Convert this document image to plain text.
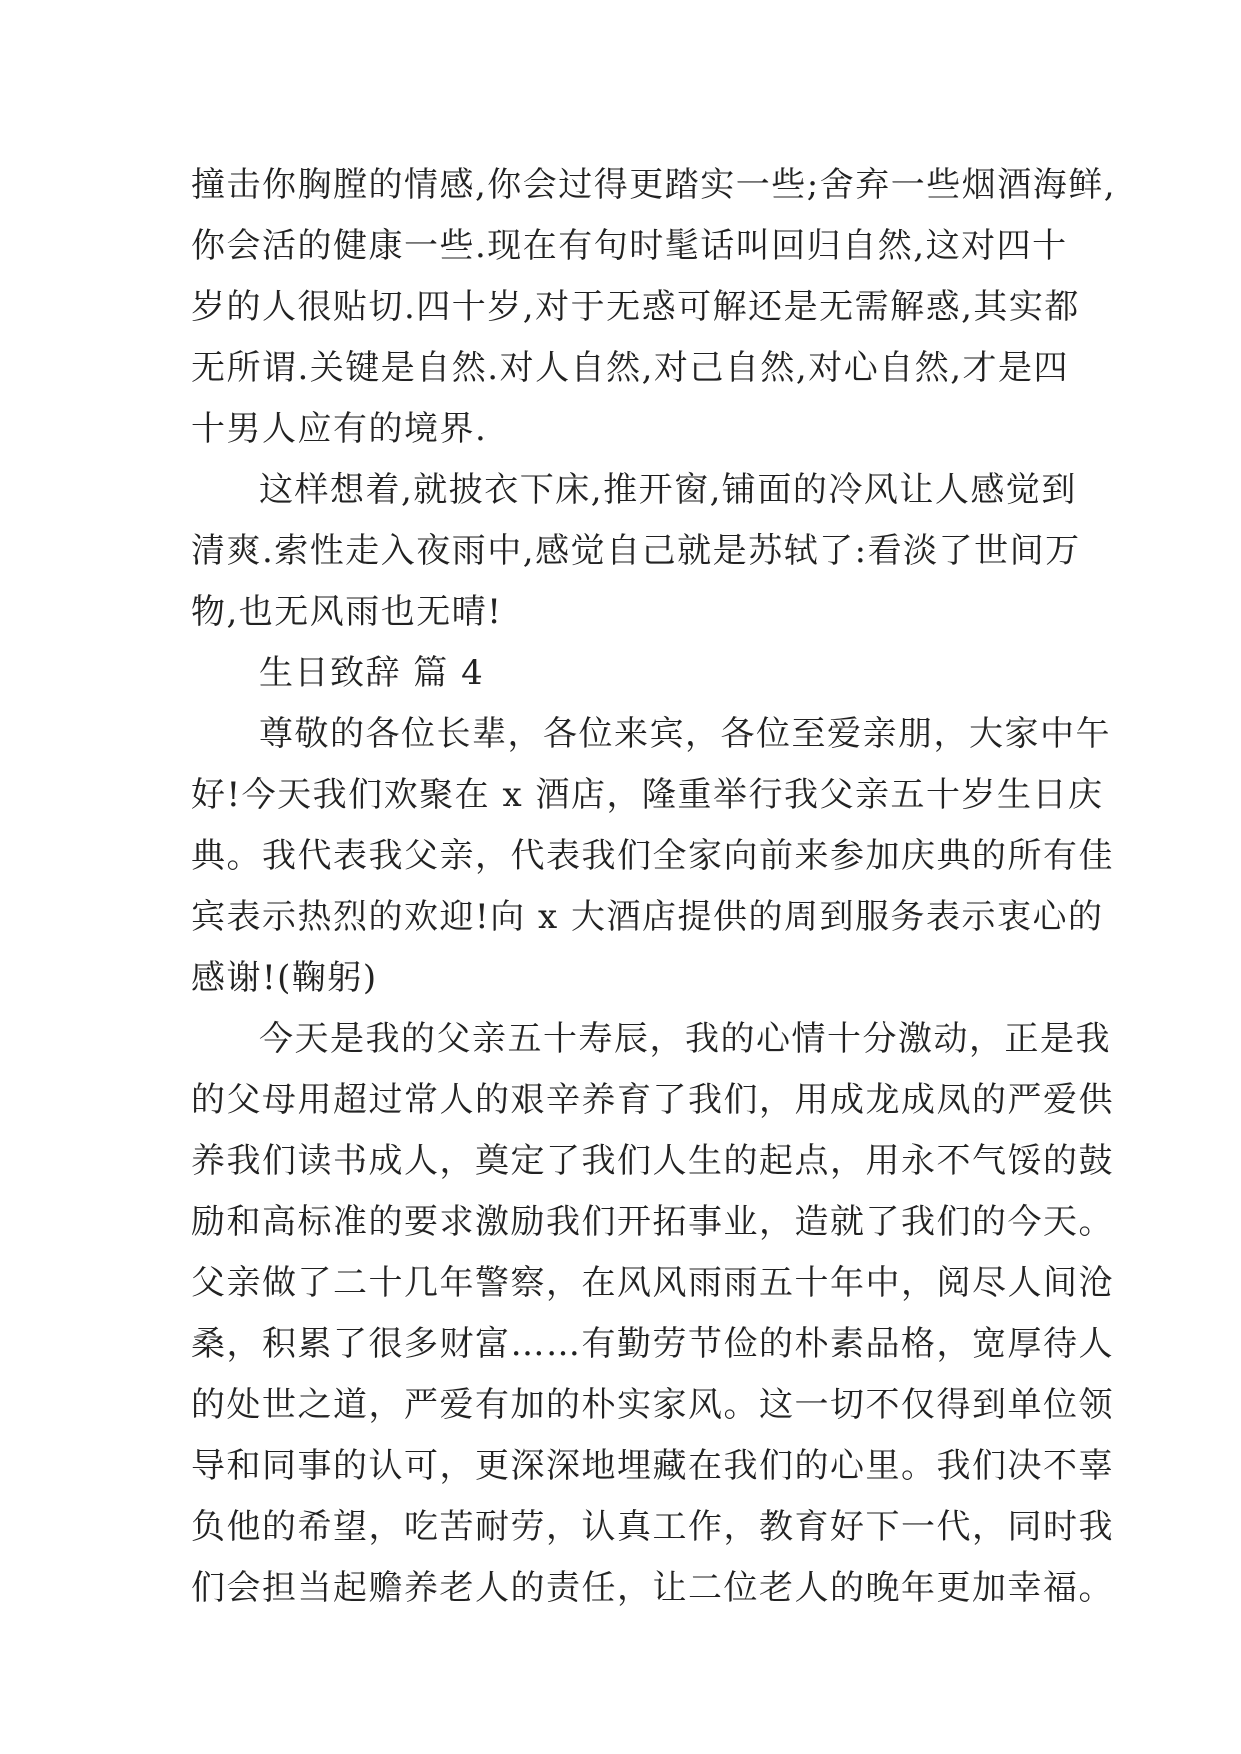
撞击你胸膛的情感,你会过得更踏实一些;舍弃一些烟酒海鲜,
你会活的健康一些.现在有句时髦话叫回归自然,这对四十
岁的人很贴切.四十岁,对于无惑可解还是无需解惑,其实都
无所谓.关键是自然.对人自然,对己自然,对心自然,才是四
十男人应有的境界.
这样想着,就披衣下床,推开窗,铺面的冷风让人感觉到
清爽.索性走入夜雨中,感觉自己就是苏轼了:看淡了世间万
物,也无风雨也无晴!
生日致辞 篇 4
尊敬的各位长辈，各位来宾，各位至爱亲朋，大家中午
好!今天我们欢聚在 x 酒店，隆重举行我父亲五十岁生日庆
典。我代表我父亲，代表我们全家向前来参加庆典的所有佳
宾表示热烈的欢迎!向 x 大酒店提供的周到服务表示衷心的
感谢!(鞠躬)
今天是我的父亲五十寿辰，我的心情十分激动，正是我
的父母用超过常人的艰辛养育了我们，用成龙成凤的严爱供
养我们读书成人，奠定了我们人生的起点，用永不气馁的鼓
励和高标准的要求激励我们开拓事业，造就了我们的今天。
父亲做了二十几年警察，在风风雨雨五十年中，阅尽人间沧
桑，积累了很多财富……有勤劳节俭的朴素品格，宽厚待人
的处世之道，严爱有加的朴实家风。这一切不仅得到单位领
导和同事的认可，更深深地埋藏在我们的心里。我们决不辜
负他的希望，吃苦耐劳，认真工作，教育好下一代，同时我
们会担当起赡养老人的责任，让二位老人的晚年更加幸福。
